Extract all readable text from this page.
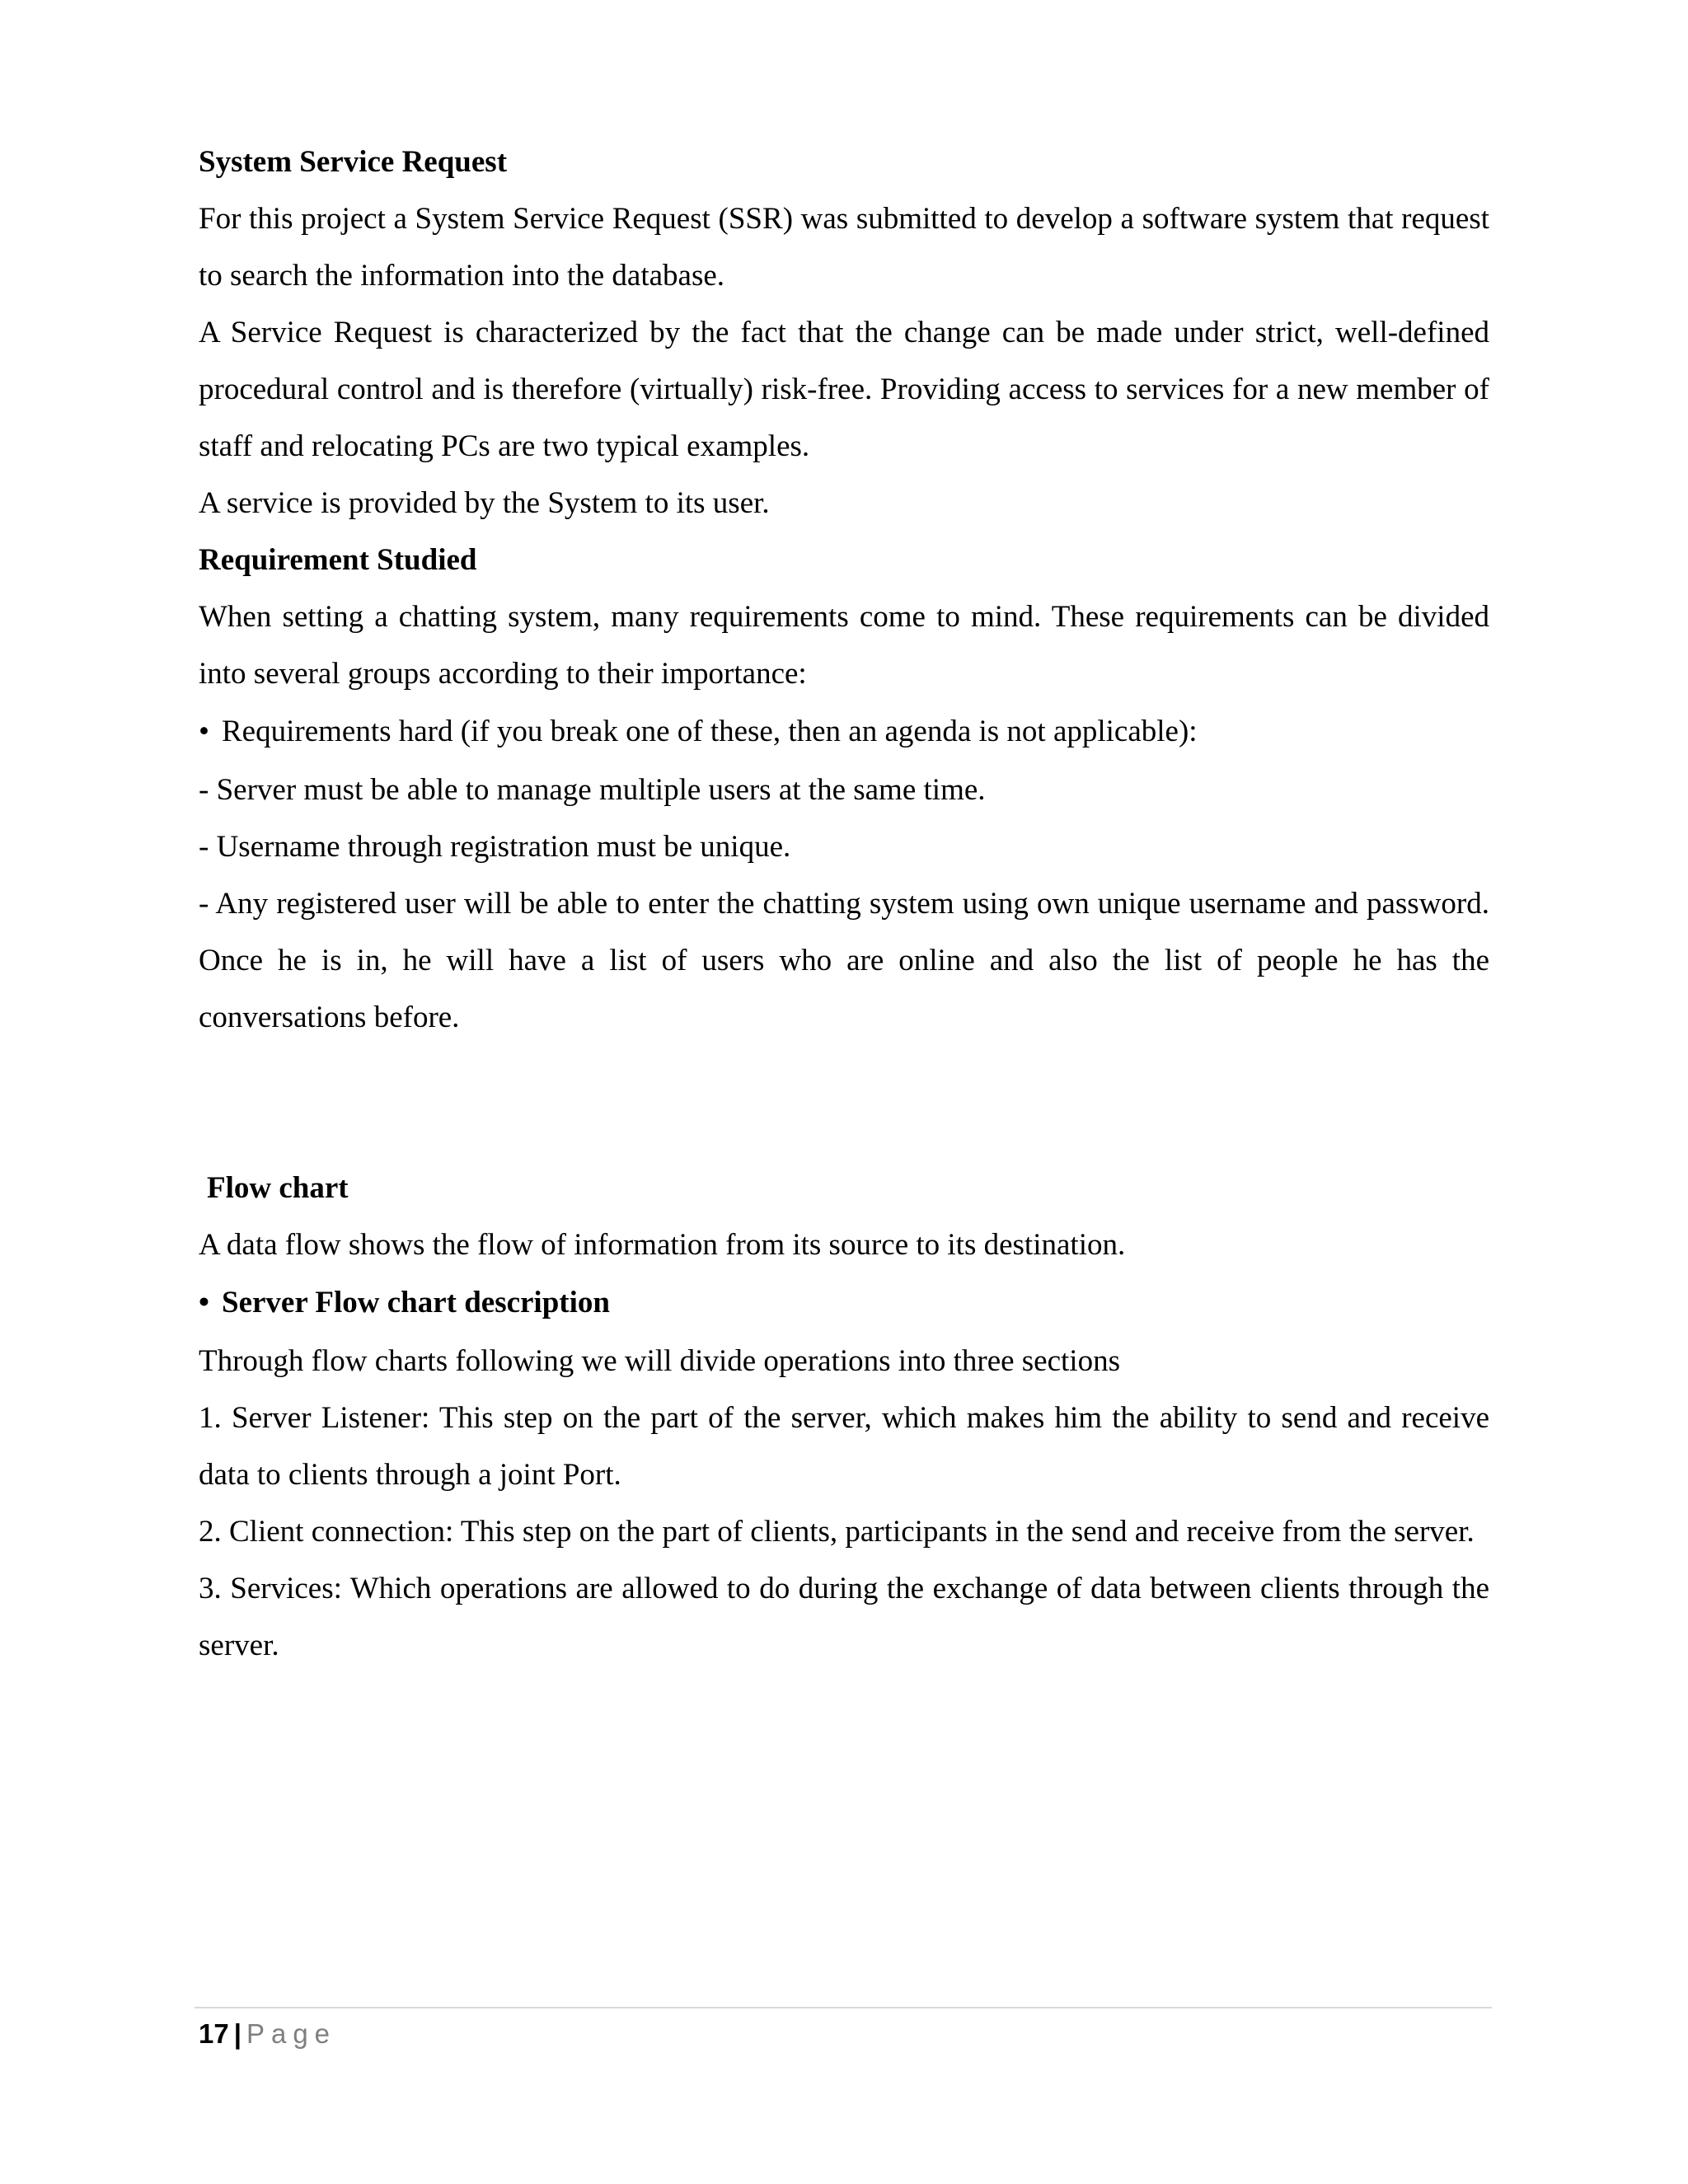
System Service Request

For this project a System Service Request (SSR) was submitted to develop a software system that request to search the information into the database.

A Service Request is characterized by the fact that the change can be made under strict, well-defined procedural control and is therefore (virtually) risk-free. Providing access to services for a new member of staff and relocating PCs are two typical examples.

A service is provided by the System to its user.

Requirement Studied

When setting a chatting system, many requirements come to mind. These requirements can be divided into several groups according to their importance:

• Requirements hard (if you break one of these, then an agenda is not applicable):

- Server must be able to manage multiple users at the same time.

- Username through registration must be unique.

- Any registered user will be able to enter the chatting system using own unique username and password. Once he is in, he will have a list of users who are online and also the list of people he has the conversations before.

Flow chart

A data flow shows the flow of information from its source to its destination.

• Server Flow chart description

Through flow charts following we will divide operations into three sections

1. Server Listener: This step on the part of the server, which makes him the ability to send and receive data to clients through a joint Port.

2. Client connection: This step on the part of clients, participants in the send and receive from the server.

3. Services: Which operations are allowed to do during the exchange of data between clients through the server.

17 | Page
